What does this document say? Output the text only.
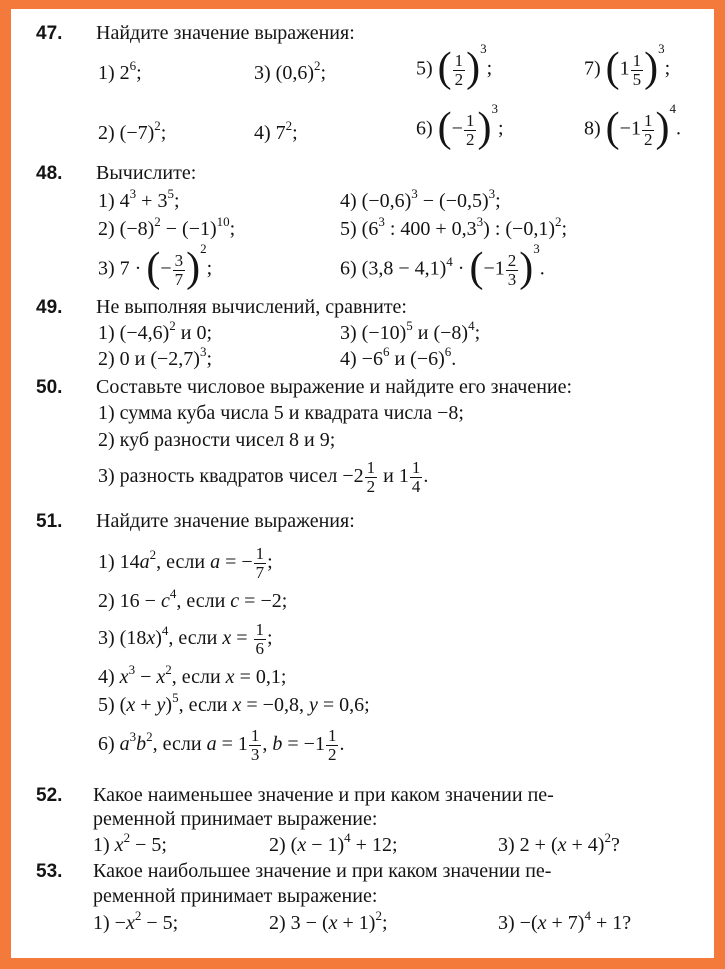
47. Найдите значение выражения:
1) $2^6$;	3) $(0,6)^2$;	5) ( $\frac{1}{2} )^3$;	7) $(1 \frac{1}{5} )^3$;
2) $(-7)^2$;	4) $7^2$;	6) (− $\frac{1}{2} )^3$;	8) $(-1 \frac{1}{2} )^4$.
48. Вычислите:
1) $4^3 + 3^5$;	4) $(-0,6)^3 - (-0,5)^3$;
2) $(-8)^2 - (-1)^{10}$;	5) ($6^3$ : $400 + 0,3^3$) : $(-0,1)^2$;
3) 7 · (− $\frac{3}{7} )^2$;	6) $(3,8 - 4,1)^4 \cdot (-1 \frac{2}{3} )^3$.
49. Не выполняя вычислений, сравните:
1) $(-4,6)^2$ и 0;	3) $(-10)^5$ и $(-8)^4$;
2) 0 и $(-2,7)^3$;	$4) -6^6$ и $(-6)^6$.
50. Составьте числовое выражение и найдите его значение:
1) сумма куба числа 5 и квадрата числа −8;
2) куб разности чисел 8 и 9;
3) разность квадратов чисел $-2 \frac{1}{2}$ и $1 \frac{1}{4}$ .
51. Найдите значение выражения:
1) $14a^2$, если a = − $\frac{1}{7}$ ;
2) $16 - c^4$, если c = −2;
3) $(18x)^4$, если $x = \frac{1}{6}$ ;
4) $x^3 - x^2$, если x = 0,1;
5) $(x + y)^5$, если x = −0,8, y = 0,6;
6) $a^3b^2$, если $a = 1 \frac{1}{3}$ , $b = -1 \frac{1}{2}$ .
52. Какое наименьшее значение и при каком значении пе-
ременной принимает выражение:
1) $x^2 - 5$;	2) $(x - 1)^4 + 12$;	3) $2 + (x + 4)^2$?
53. Какое наибольшее значение и при каком значении пе-
ременной принимает выражение:
$1) -x^2 - 5$;	2) $3 - (x + 1)^2$;	$3) -(x + 7)^4 + 1$?
